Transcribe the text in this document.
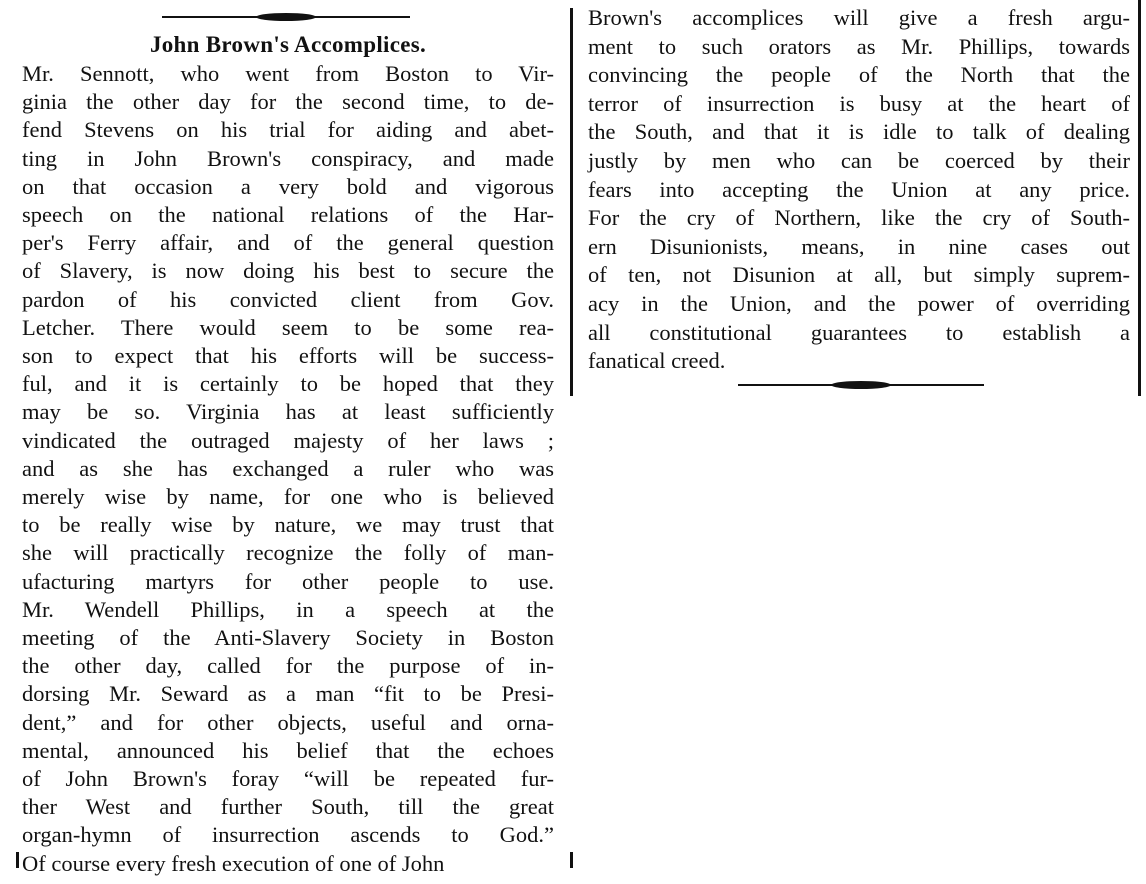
John Brown's Accomplices.
Mr. Sennott, who went from Boston to Vir-
ginia the other day for the second time, to de-
fend Stevens on his trial for aiding and abet-
ting in John Brown's conspiracy, and made
on that occasion a very bold and vigorous
speech on the national relations of the Har-
per's Ferry affair, and of the general question
of Slavery, is now doing his best to secure the
pardon of his convicted client from Gov.
Letcher. There would seem to be some rea-
son to expect that his efforts will be success-
ful, and it is certainly to be hoped that they
may be so. Virginia has at least sufficiently
vindicated the outraged majesty of her laws ;
and as she has exchanged a ruler who was
merely wise by name, for one who is believed
to be really wise by nature, we may trust that
she will practically recognize the folly of man-
ufacturing martyrs for other people to use.
Mr. Wendell Phillips, in a speech at the
meeting of the Anti-Slavery Society in Boston
the other day, called for the purpose of in-
dorsing Mr. Seward as a man “fit to be Presi-
dent,” and for other objects, useful and orna-
mental, announced his belief that the echoes
of John Brown's foray “will be repeated fur-
ther West and further South, till the great
organ-hymn of insurrection ascends to God.”
Of course every fresh execution of one of John
Brown's accomplices will give a fresh argu-
ment to such orators as Mr. Phillips, towards
convincing the people of the North that the
terror of insurrection is busy at the heart of
the South, and that it is idle to talk of dealing
justly by men who can be coerced by their
fears into accepting the Union at any price.
For the cry of Northern, like the cry of South-
ern Disunionists, means, in nine cases out
of ten, not Disunion at all, but simply suprem-
acy in the Union, and the power of overriding
all constitutional guarantees to establish a
fanatical creed.
